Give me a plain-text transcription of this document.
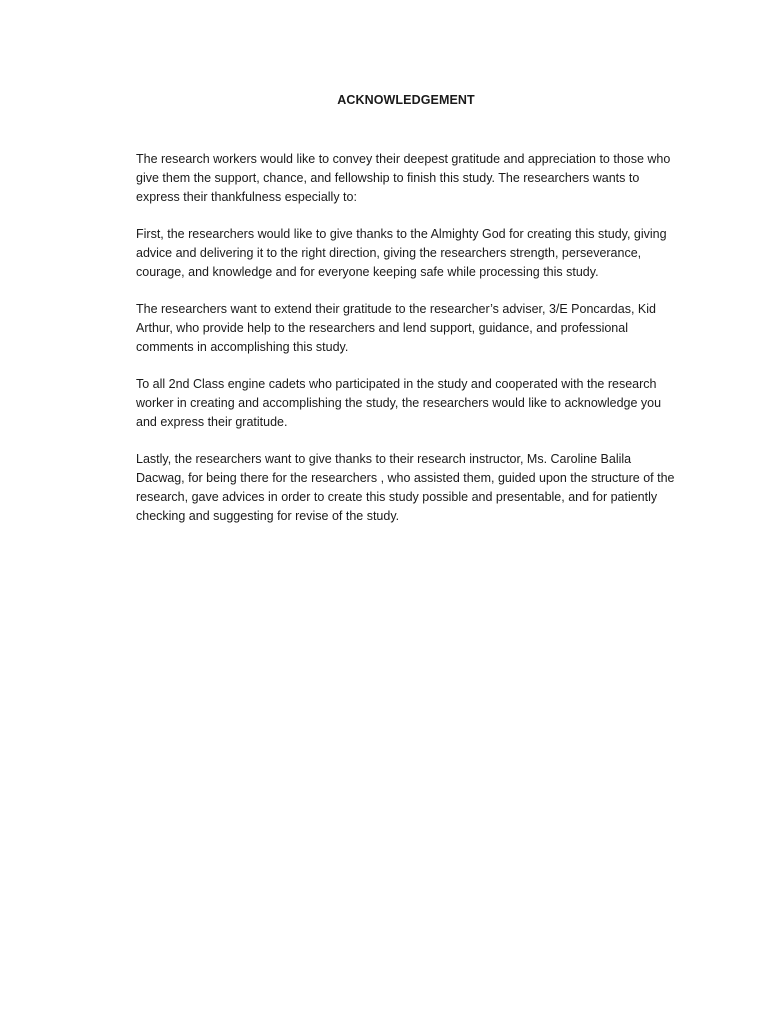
ACKNOWLEDGEMENT

The research workers would like to convey their deepest gratitude and appreciation to those who give them the support, chance, and fellowship to finish this study. The researchers wants to express their thankfulness especially to:

First, the researchers would like to give thanks to the Almighty God for creating this study, giving advice and delivering it to the right direction, giving the researchers strength, perseverance, courage, and knowledge and for everyone keeping safe while processing this study.

The researchers want to extend their gratitude to the researcher’s adviser, 3/E Poncardas, Kid Arthur, who provide help to the researchers and lend support, guidance, and professional comments in accomplishing this study.

To all 2nd Class engine cadets who participated in the study and cooperated with the research worker in creating and accomplishing the study, the researchers would like to acknowledge you and express their gratitude.

Lastly, the researchers want to give thanks to their research instructor, Ms. Caroline Balila Dacwag, for being there for the researchers , who assisted them, guided upon the structure of the research, gave advices in order to create this study possible and presentable, and for patiently checking and suggesting for revise of the study.
